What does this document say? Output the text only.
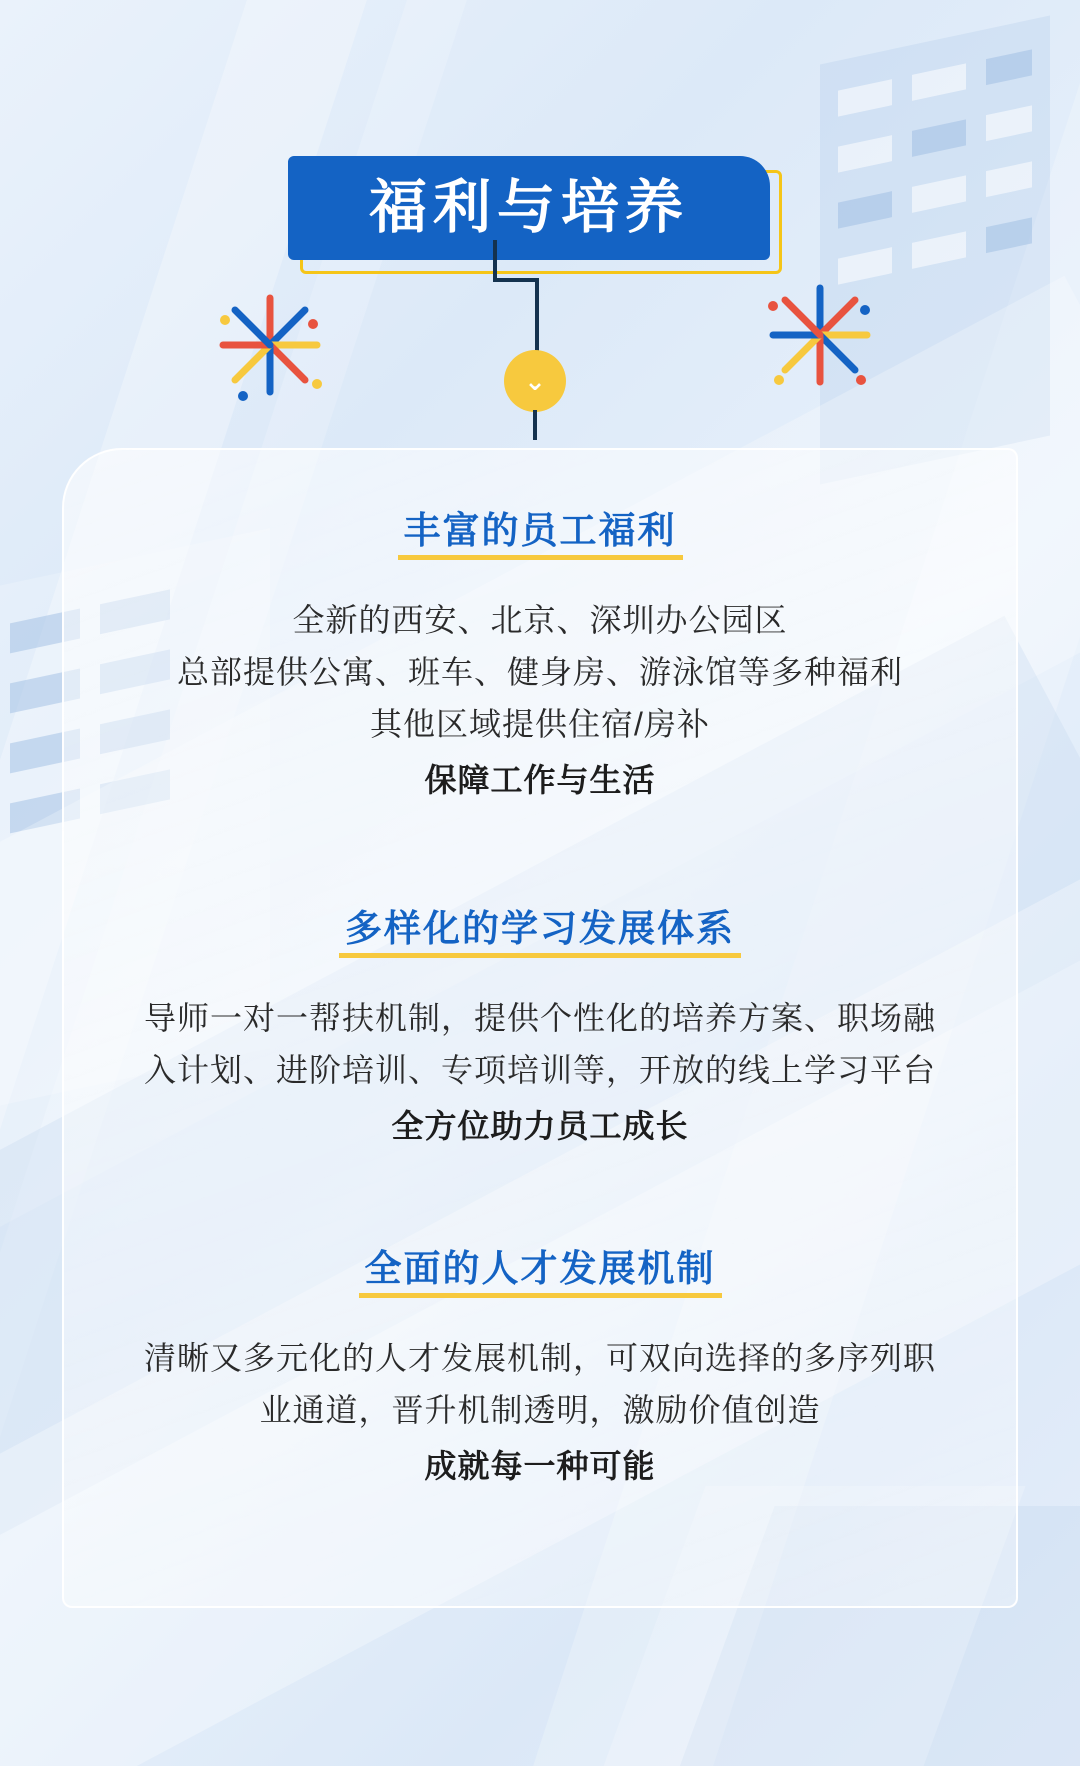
福利与培养
⌄
丰富的员工福利
全新的西安、北京、深圳办公园区
总部提供公寓、班车、健身房、游泳馆等多种福利
其他区域提供住宿/房补
保障工作与生活
多样化的学习发展体系
导师一对一帮扶机制，提供个性化的培养方案、职场融
入计划、进阶培训、专项培训等，开放的线上学习平台
全方位助力员工成长
全面的人才发展机制
清晰又多元化的人才发展机制，可双向选择的多序列职
业通道，晋升机制透明，激励价值创造
成就每一种可能
